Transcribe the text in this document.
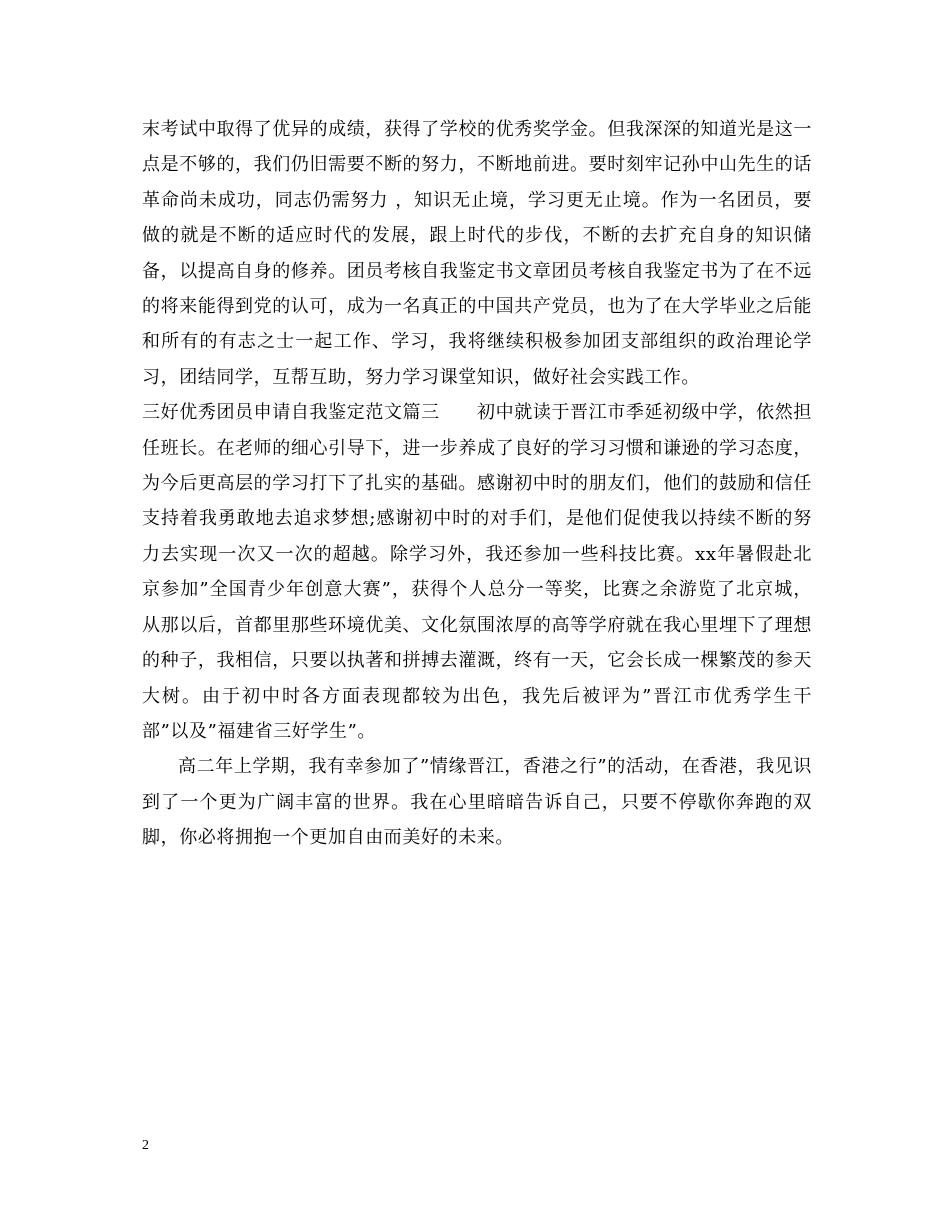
末考试中取得了优异的成绩，获得了学校的优秀奖学金。但我深深的知道光是这一点是不够的，我们仍旧需要不断的努力，不断地前进。要时刻牢记孙中山先生的话 革命尚未成功，同志仍需努力 ，知识无止境，学习更无止境。作为一名团员，要做的就是不断的适应时代的发展，跟上时代的步伐，不断的去扩充自身的知识储备，以提高自身的修养。团员考核自我鉴定书文章团员考核自我鉴定书为了在不远的将来能得到党的认可，成为一名真正的中国共产党员，也为了在大学毕业之后能和所有的有志之士一起工作、学习，我将继续积极参加团支部组织的政治理论学习，团结同学，互帮互助，努力学习课堂知识，做好社会实践工作。

三好优秀团员申请自我鉴定范文篇三　　初中就读于晋江市季延初级中学，依然担任班长。在老师的细心引导下，进一步养成了良好的学习习惯和谦逊的学习态度，为今后更高层的学习打下了扎实的基础。感谢初中时的朋友们，他们的鼓励和信任支持着我勇敢地去追求梦想;感谢初中时的对手们，是他们促使我以持续不断的努力去实现一次又一次的超越。除学习外，我还参加一些科技比赛。xx年暑假赴北京参加”全国青少年创意大赛”，获得个人总分一等奖，比赛之余游览了北京城，从那以后，首都里那些环境优美、文化氛围浓厚的高等学府就在我心里埋下了理想的种子，我相信，只要以执著和拼搏去灌溉，终有一天，它会长成一棵繁茂的参天大树。由于初中时各方面表现都较为出色，我先后被评为”晋江市优秀学生干部”以及”福建省三好学生”。

高二年上学期，我有幸参加了”情缘晋江，香港之行”的活动，在香港，我见识到了一个更为广阔丰富的世界。我在心里暗暗告诉自己，只要不停歇你奔跑的双脚，你必将拥抱一个更加自由而美好的未来。

2
